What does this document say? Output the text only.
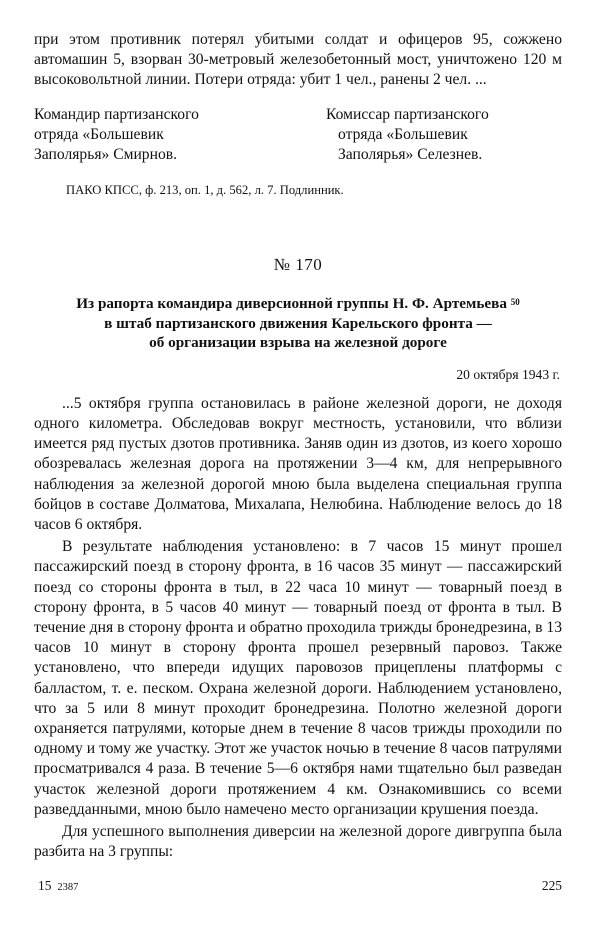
при этом противник потерял убитыми солдат и офицеров 95, сожжено автомашин 5, взорван 30-метровый железобетонный мост, уничтожено 120 м высоковольтной линии. Потери отряда: убит 1 чел., ранены 2 чел. ...

Командир партизанского
отряда «Большевик
Заполярья» Смирнов.
Комиссар партизанского
отряда «Большевик
Заполярья» Селезнев.
ПАКО КПСС, ф. 213, оп. 1, д. 562, л. 7. Подлинник.
№ 170
Из рапорта командира диверсионной группы Н. Ф. Артемьева $^{50}$
в штаб партизанского движения Карельского фронта —
об организации взрыва на железной дороге
20 октября 1943 г.

...5 октября группа остановилась в районе железной дороги, не доходя одного километра. Обследовав вокруг местность, установили, что вблизи имеется ряд пустых дзотов противника. Заняв один из дзотов, из коего хорошо обозревалась железная дорога на протяжении 3—4 км, для непрерывного наблюдения за железной дорогой мною была выделена специальная группа бойцов в составе Долматова, Михалапа, Нелюбина. Наблюдение велось до 18 часов 6 октября.

В результате наблюдения установлено: в 7 часов 15 минут прошел пассажирский поезд в сторону фронта, в 16 часов 35 минут — пассажирский поезд со стороны фронта в тыл, в 22 часа 10 минут — товарный поезд в сторону фронта, в 5 часов 40 минут — товарный поезд от фронта в тыл. В течение дня в сторону фронта и обратно проходила трижды бронедрезина, в 13 часов 10 минут в сторону фронта прошел резервный паровоз. Также установлено, что впереди идущих паровозов прицеплены платформы с балластом, т. е. песком. Охрана железной дороги. Наблюдением установлено, что за 5 или 8 минут проходит бронедрезина. Полотно железной дороги охраняется патрулями, которые днем в течение 8 часов трижды проходили по одному и тому же участку. Этот же участок ночью в течение 8 часов патрулями просматривался 4 раза. В течение 5—6 октября нами тщательно был разведан участок железной дороги протяжением 4 км. Ознакомившись со всеми разведданными, мною было намечено место организации крушения поезда.

Для успешного выполнения диверсии на железной дороге дивгруппа была разбита на 3 группы:

15 2387	225
